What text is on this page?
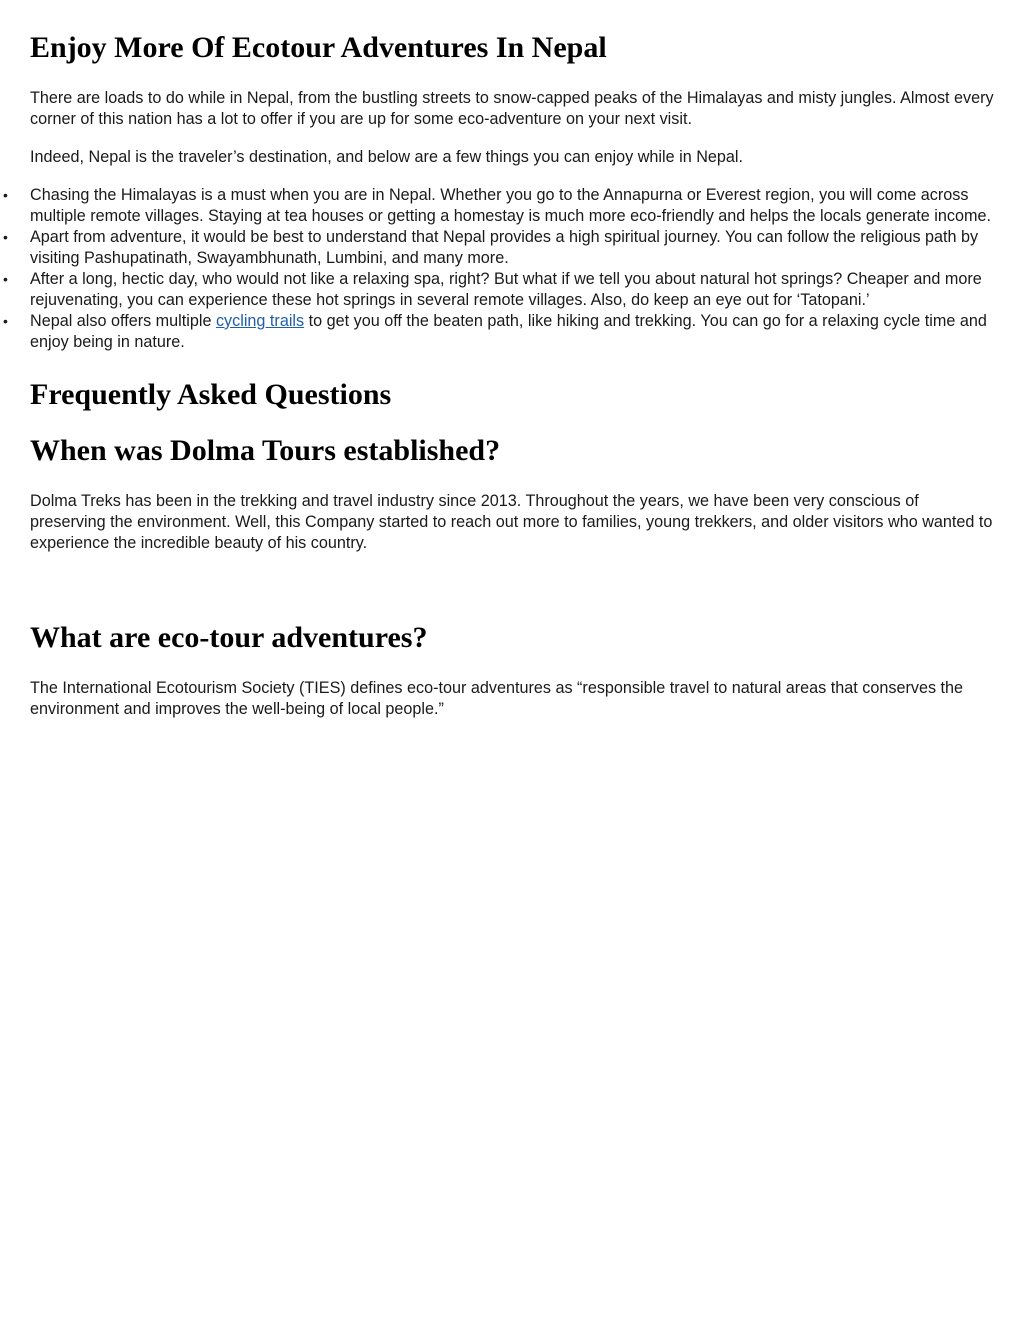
Enjoy More Of Ecotour Adventures In Nepal

There are loads to do while in Nepal, from the bustling streets to snow-capped peaks of the Himalayas and misty jungles. Almost every corner of this nation has a lot to offer if you are up for some eco-adventure on your next visit.

Indeed, Nepal is the traveler’s destination, and below are a few things you can enjoy while in Nepal.

• Chasing the Himalayas is a must when you are in Nepal. Whether you go to the Annapurna or Everest region, you will come across multiple remote villages. Staying at tea houses or getting a homestay is much more eco-friendly and helps the locals generate income.
• Apart from adventure, it would be best to understand that Nepal provides a high spiritual journey. You can follow the religious path by visiting Pashupatinath, Swayambhunath, Lumbini, and many more.
• After a long, hectic day, who would not like a relaxing spa, right? But what if we tell you about natural hot springs? Cheaper and more rejuvenating, you can experience these hot springs in several remote villages. Also, do keep an eye out for ‘Tatopani.’
• Nepal also offers multiple cycling trails to get you off the beaten path, like hiking and trekking. You can go for a relaxing cycle time and enjoy being in nature.
Frequently Asked Questions
When was Dolma Tours established?

Dolma Treks has been in the trekking and travel industry since 2013. Throughout the years, we have been very conscious of preserving the environment. Well, this Company started to reach out more to families, young trekkers, and older visitors who wanted to experience the incredible beauty of his country.

What are eco-tour adventures?

The International Ecotourism Society (TIES) defines eco-tour adventures as “responsible travel to natural areas that conserves the environment and improves the well-being of local people.”
